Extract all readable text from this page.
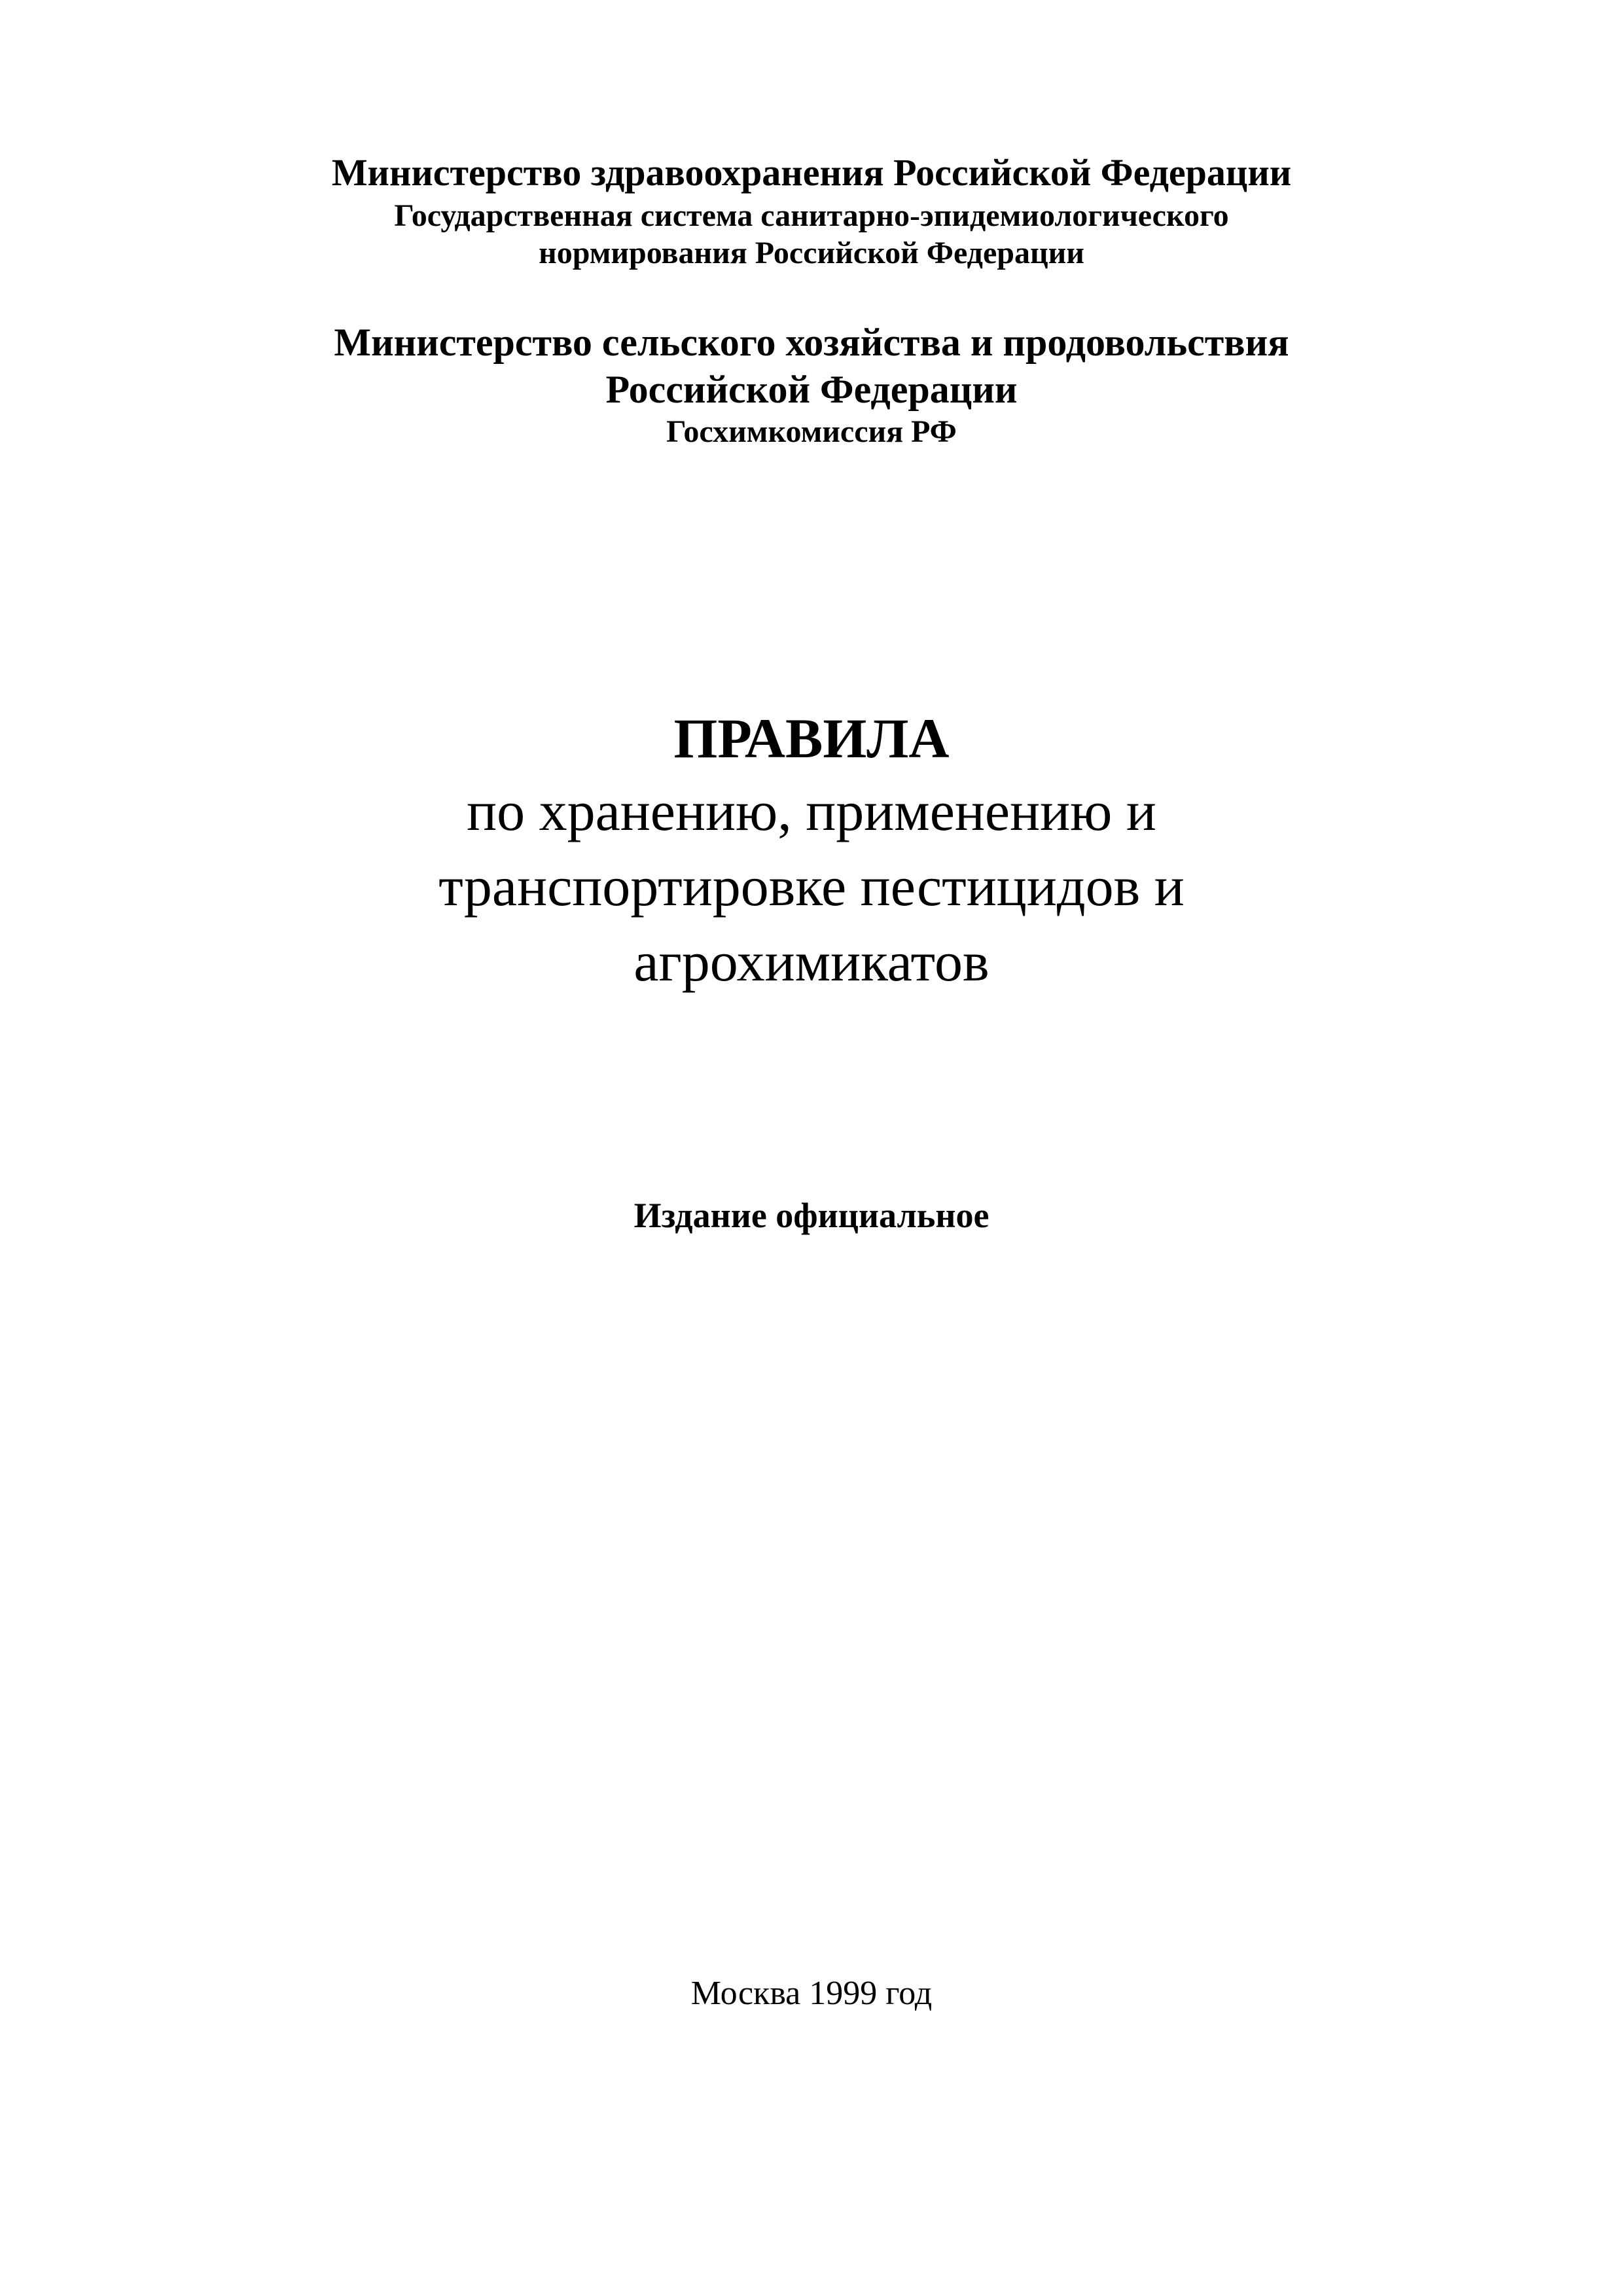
Министерство здравоохранения Российской Федерации
Государственная система санитарно-эпидемиологического
нормирования Российской Федерации
Министерство сельского хозяйства и продовольствия
Российской Федерации
Госхимкомиссия РФ
ПРАВИЛА
по хранению, применению и
транспортировке пестицидов и
агрохимикатов
Издание официальное
Москва 1999 год
